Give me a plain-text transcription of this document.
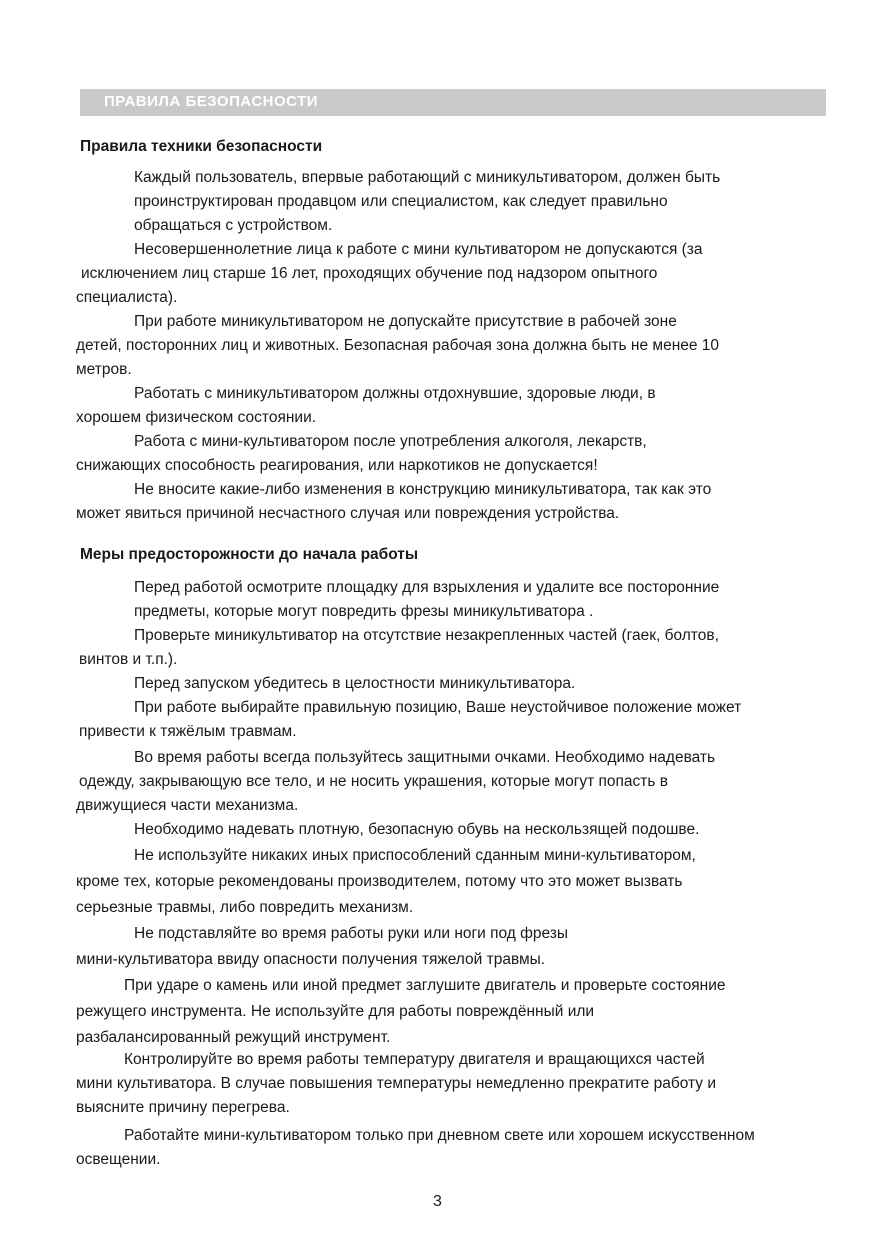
ПРАВИЛА БЕЗОПАСНОСТИ
Правила техники безопасности
Каждый пользователь, впервые работающий с миникультиватором, должен быть
проинструктирован продавцом или специалистом, как следует правильно
обращаться с устройством.
Несовершеннолетние лица к работе с мини культиватором не допускаются (за
исключением лиц старше 16 лет, проходящих обучение под надзором опытного
специалиста).
При работе миникультиватором не допускайте присутствие в рабочей зоне
детей, посторонних лиц и животных. Безопасная рабочая зона должна быть не менее 10
метров.
Работать с миникультиватором должны отдохнувшие, здоровые люди, в
хорошем физическом состоянии.
Работа с мини-культиватором после употребления алкоголя, лекарств,
снижающих способность реагирования, или наркотиков не допускается!
Не вносите какие-либо изменения в конструкцию миникультиватора, так как это
может явиться причиной несчастного случая или повреждения устройства.
Меры предосторожности до начала работы
Перед работой осмотрите площадку для взрыхления и удалите все посторонние
предметы, которые могут повредить фрезы миникультиватора .
Проверьте миникультиватор на отсутствие незакрепленных частей (гаек, болтов,
винтов и т.п.).
Перед запуском убедитесь в целостности миникультиватора.
При работе выбирайте правильную позицию, Ваше неустойчивое положение может
привести к тяжёлым травмам.
Во время работы всегда пользуйтесь защитными очками. Необходимо надевать
одежду, закрывающую все тело, и не носить украшения, которые могут попасть в
движущиеся части механизма.
Необходимо надевать плотную, безопасную обувь на нескользящей подошве.
Не используйте никаких иных приспособлений сданным мини-культиватором,
кроме тех, которые рекомендованы производителем, потому что это может вызвать
серьезные травмы, либо повредить механизм.
Не подставляйте во время работы руки или ноги под фрезы
мини-культиватора ввиду опасности получения тяжелой травмы.
При ударе о камень или иной предмет заглушите двигатель и проверьте состояние
режущего инструмента. Не используйте для работы повреждённый или
разбалансированный режущий инструмент.
Контролируйте во время работы температуру двигателя и вращающихся частей
мини культиватора. В случае повышения температуры немедленно прекратите работу и
выясните причину перегрева.
Работайте мини-культиватором только при дневном свете или хорошем искусственном
освещении.
3
